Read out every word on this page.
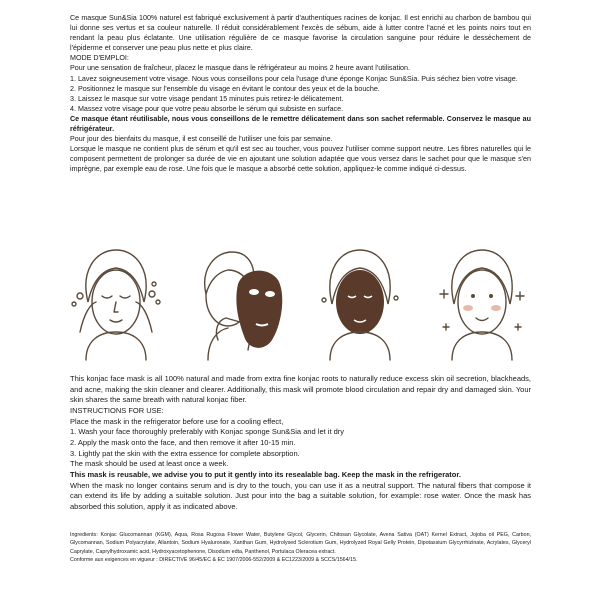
Ce masque Sun&Sia 100% naturel est fabriqué exclusivement à partir d'authentiques racines de konjac. Il est enrichi au charbon de bambou qui lui donne ses vertus et sa couleur naturelle. Il réduit considérablement l'excès de sébum, aide à lutter contre l'acné et les points noirs tout en rendant la peau plus éclatante. Une utilisation régulière de ce masque favorise la circulation sanguine pour réduire le dessèchement de l'épiderme et conserver une peau plus nette et plus claire.

MODE D'EMPLOI:

Pour une sensation de fraîcheur, placez le masque dans le réfrigérateur au moins 2 heure avant l'utilisation.

1. Lavez soigneusement votre visage. Nous vous conseillons pour cela l'usage d'une éponge Konjac Sun&Sia. Puis séchez bien votre visage.

2. Positionnez le masque sur l'ensemble du visage en évitant le contour des yeux et de la bouche.

3. Laissez le masque sur votre visage pendant 15 minutes puis retirez-le délicatement.

4. Massez votre visage pour que votre peau absorbe le sérum qui subsiste en surface.

Ce masque étant réutilisable, nous vous conseillons de le remettre délicatement dans son sachet refermable. Conservez le masque au réfrigérateur.

Pour jour des bienfaits du masque, il est conseillé de l'utiliser une fois par semaine.

Lorsque le masque ne contient plus de sérum et qu'il est sec au toucher, vous pouvez l'utiliser comme support neutre. Les fibres naturelles qui le composent permettent de prolonger sa durée de vie en ajoutant une solution adaptée que vous versez dans le sachet pour que le masque s'en imprègne, par exemple eau de rose. Une fois que le masque a absorbé cette solution, appliquez-le comme indiqué ci-dessus.

This konjac face mask is all 100% natural and made from extra fine konjac roots to naturally reduce excess skin oil secretion, blackheads, and acne, making the skin cleaner and clearer. Additionally, this mask will promote blood circulation and repair dry and damaged skin. Your skin shares the same breath with natural konjac fiber.

INSTRUCTIONS FOR USE:

Place the mask in the refrigerator before use for a cooling effect,

1. Wash your face thoroughly preferably with Konjac sponge Sun&Sia and let it dry

2. Apply the mask onto the face, and then remove it after 10-15 min.

3. Lightly pat the skin with the extra essence for complete absorption.

The mask should be used at least once a week.

This mask is reusable, we advise you to put it gently into its resealable bag. Keep the mask in the refrigerator.

When the mask no longer contains serum and is dry to the touch, you can use it as a neutral support. The natural fibers that compose it can extend its life by adding a suitable solution. Just pour into the bag a suitable solution, for example: rose water. Once the mask has absorbed this solution, apply it as indicated above.

Ingredients: Konjac Glucomannan (KGM), Aqua, Rosa Rugosa Flower Water, Butylene Glycol, Glycerin, Chitosan Glycolate, Avena Sativa (OAT) Kernel Extract, Jojoba oil PEG, Carbon, Glycomannan, Sodium Polyacrylate, Allantoin, Sodium Hyaluronate, Xanthan Gum, Hydrolysed Sclerotium Gum, Hydrolyzed Royal Gelly Protein, Dipotassium Glycyrrhizinate, Acrylates, Glyceryl Caprylate, Caprylhydroxamic acid, Hydroxyacetophenone, Disodium edta, Panthenol, Portulaca Oleracea extract.

Conforme aux exigences en vigueur : DIRECTIVE 96/45/EC & EC 1907/2006-552/2009 & EC1223/2009 & SCCS/1564/15.
